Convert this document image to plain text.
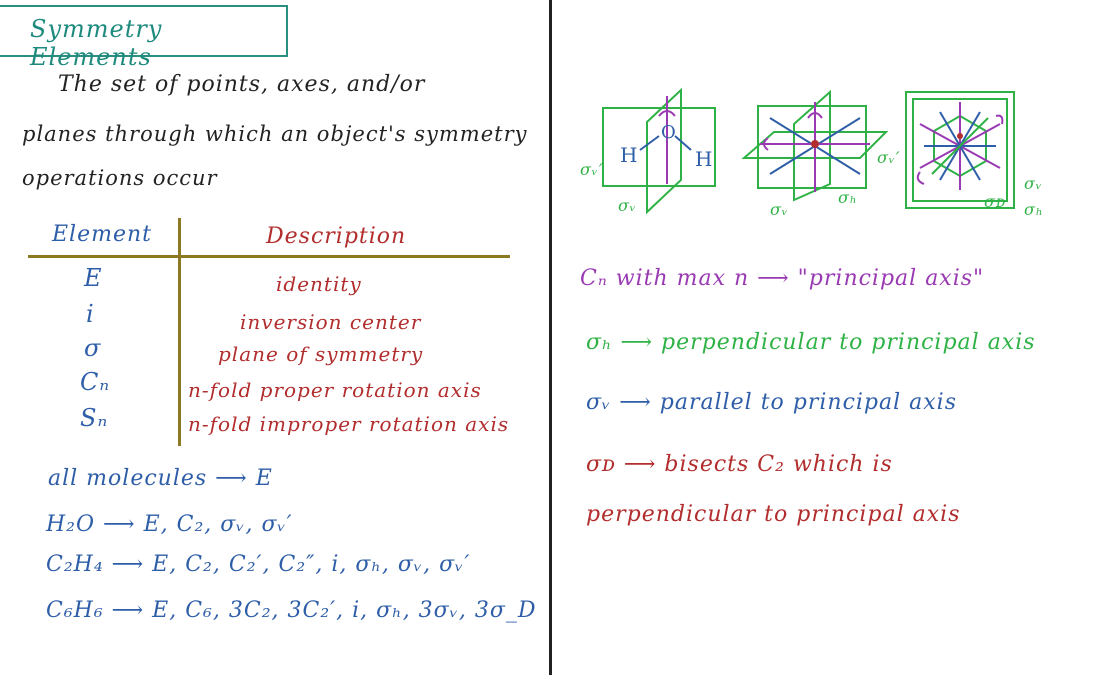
Symmetry Elements
The set of points, axes, and/or
planes through which an object's symmetry
operations occur
Element	Description
E	identity
i	inversion center
σ	plane of symmetry
Cₙ	n-fold proper rotation axis
Sₙ	n-fold improper rotation axis
all molecules ⟶ E
H₂O ⟶ E, C₂, σᵥ, σᵥ′
C₂H₄ ⟶ E, C₂, C₂′, C₂″, i, σₕ, σᵥ, σᵥ′
C₆H₆ ⟶ E, C₆, 3C₂, 3C₂′, i, σₕ, 3σᵥ, 3σ_D
H
O
H
σᵥ′
σᵥ
σᵥ′
σᵥ
σₕ
σᵥ
σᴅ σₕ
Cₙ with max n ⟶ "principal axis"
σₕ ⟶ perpendicular to principal axis
σᵥ ⟶ parallel to principal axis
σᴅ ⟶ bisects C₂ which is
perpendicular to principal axis
